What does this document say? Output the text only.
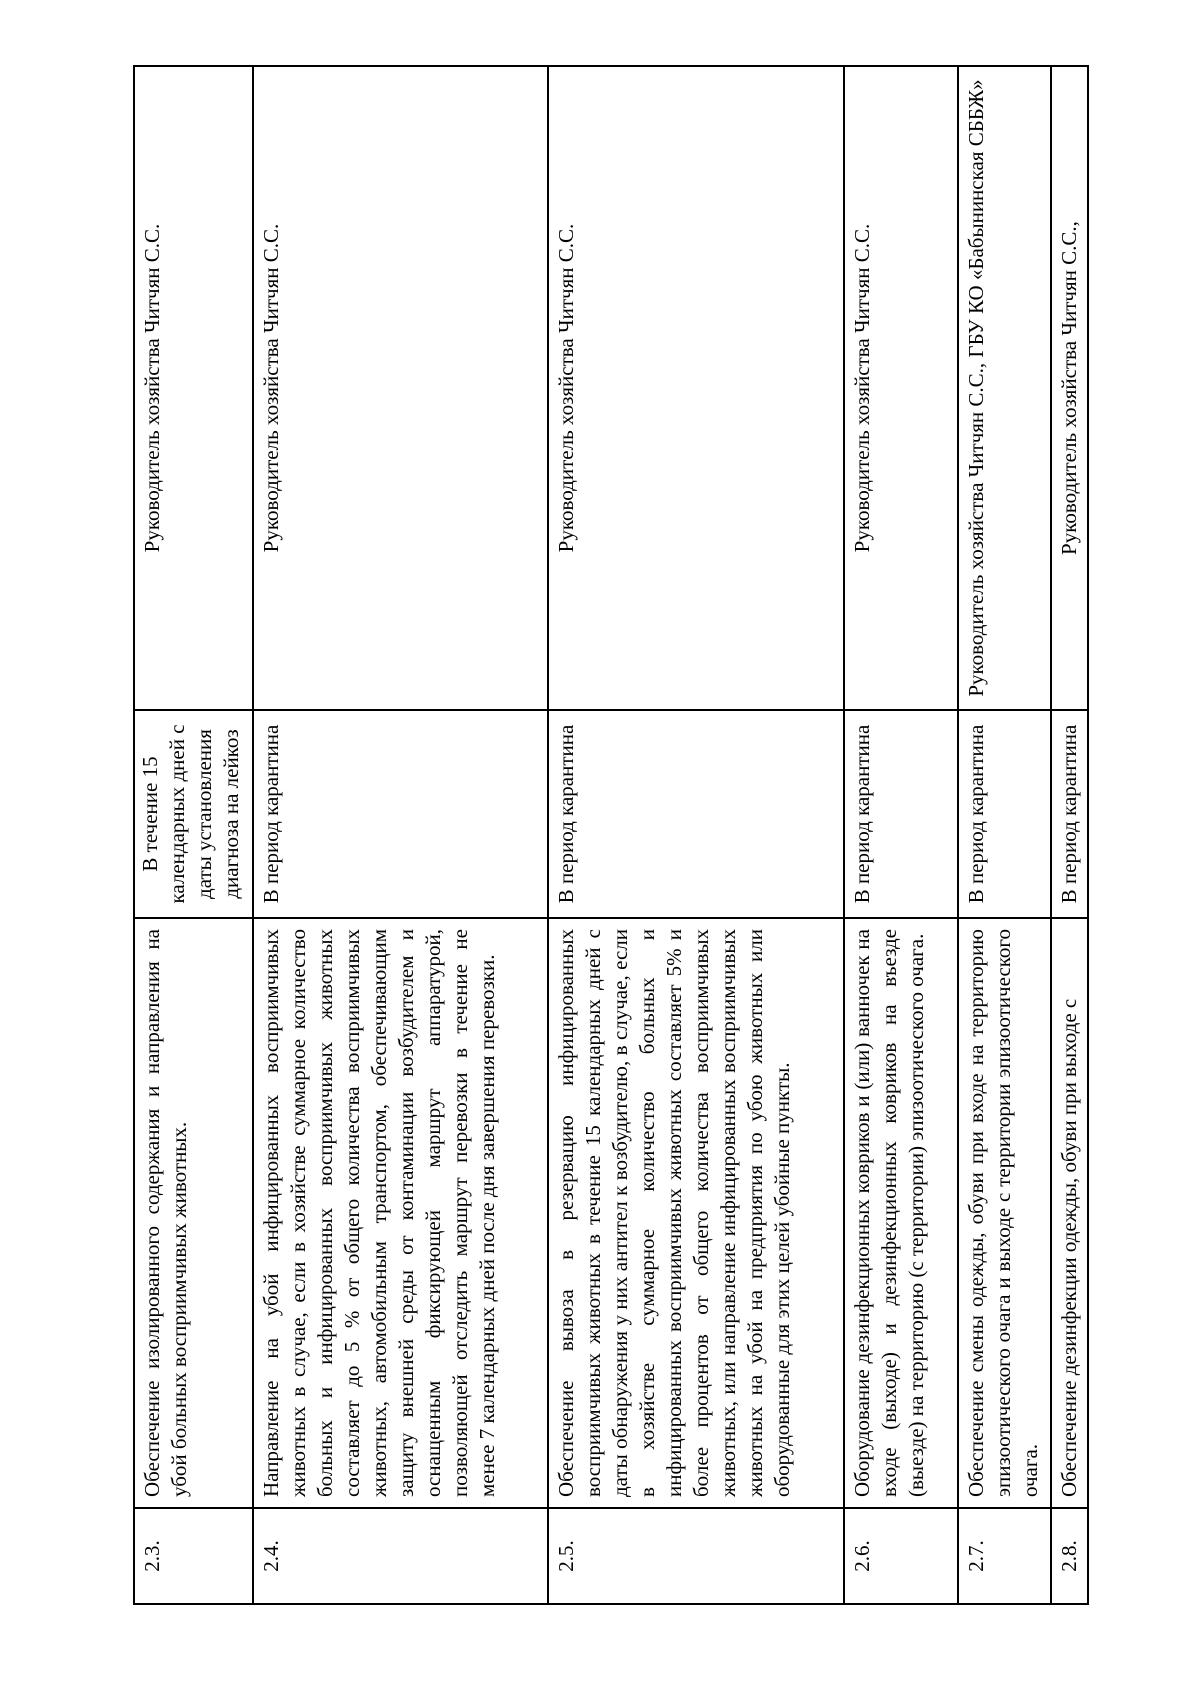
2.3.	Обеспечение изолированного содержания и направления на убой больных восприимчивых животных.	В течение 15 календарных дней с даты установления диагноза на лейкоз	Руководитель хозяйства Читчян С.С.
2.4.	Направление на убой инфицированных восприимчивых животных в случае, если в хозяйстве суммарное количество больных и инфицированных восприимчивых животных составляет до 5 % от общего количества восприимчивых животных, автомобильным транспортом, обеспечивающим защиту внешней среды от контаминации возбудителем и оснащенным фиксирующей маршрут аппаратурой, позволяющей отследить маршрут перевозки в течение не менее 7 календарных дней после дня завершения перевозки.	В период карантина	Руководитель хозяйства Читчян С.С.
2.5.	Обеспечение вывоза в резервацию инфицированных восприимчивых животных в течение 15 календарных дней с даты обнаружения у них антител к возбудителю, в случае, если в хозяйстве суммарное количество больных и инфицированных восприимчивых животных составляет 5% и более процентов от общего количества восприимчивых животных, или направление инфицированных восприимчивых животных на убой на предприятия по убою животных или оборудованные для этих целей убойные пункты.	В период карантина	Руководитель хозяйства Читчян С.С.
2.6.	Оборудование дезинфекционных ковриков и (или) ванночек на входе (выходе) и дезинфекционных ковриков на въезде (выезде) на территорию (с территории) эпизоотического очага.	В период карантина	Руководитель хозяйства Читчян С.С.
2.7.	Обеспечение смены одежды, обуви при входе на территорию эпизоотического очага и выходе с территории эпизоотического очага.	В период карантина	Руководитель хозяйства Читчян С.С., ГБУ КО «Бабынинская СББЖ»
2.8.	Обеспечение дезинфекции одежды, обуви при выходе с	В период карантина	Руководитель хозяйства Читчян С.С.,
